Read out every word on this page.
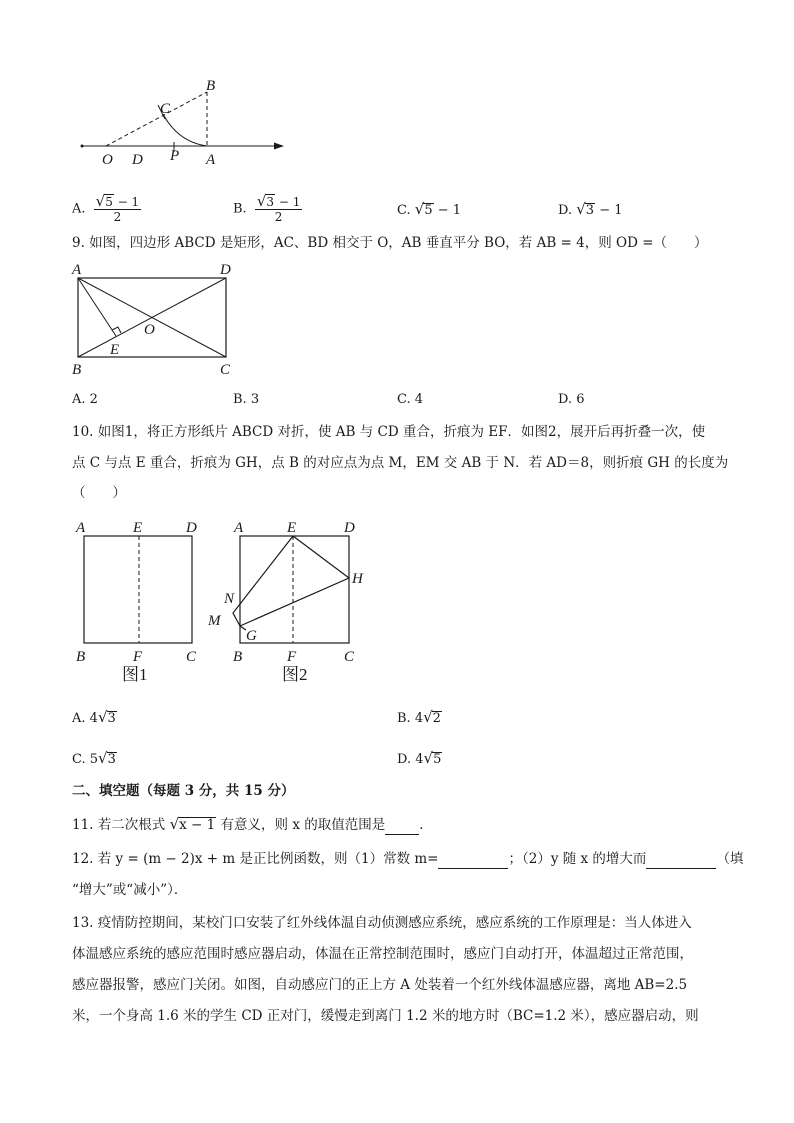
B
C
O D P A
A. $\frac{√5 - 1}{2}$	B. $\frac{√3 - 1}{2}$	C. √5 − 1	D. √3 − 1
9. 如图，四边形 ABCD 是矩形，AC、BD 相交于 O，AB 垂直平分 BO，若 AB = 4，则 OD =（　　）
A	D
O
E
B	C
A. 2	B. 3	C. 4	D. 6
10. 如图1，将正方形纸片 ABCD 对折，使 AB 与 CD 重合，折痕为 EF．如图2，展开后再折叠一次，使
点 C 与点 E 重合，折痕为 GH，点 B 的对应点为点 M，EM 交 AB 于 N．若 AD＝8，则折痕 GH 的长度为
（　　）
A	E	D
B	F	C
图1
A	E	D
H
N
M
G
B	F	C
图2
A. 4√3	B. 4√2
C. 5√3	D. 4√5
二、填空题（每题 3 分，共 15 分）
11. 若二次根式 √x − 1 有意义，则 x 的取值范围是	．
12. 若 y = (m − 2)x + m 是正比例函数，则（1）常数 m=	；（2）y 随 x 的增大而	（填
“增大”或“减小”）．
13. 疫情防控期间，某校门口安装了红外线体温自动侦测感应系统，感应系统的工作原理是：当人体进入
体温感应系统的感应范围时感应器启动，体温在正常控制范围时，感应门自动打开，体温超过正常范围，
感应器报警，感应门关闭。如图，自动感应门的正上方 A 处装着一个红外线体温感应器，离地 AB=2.5
米，一个身高 1.6 米的学生 CD 正对门，缓慢走到离门 1.2 米的地方时（BC=1.2 米），感应器启动，则
